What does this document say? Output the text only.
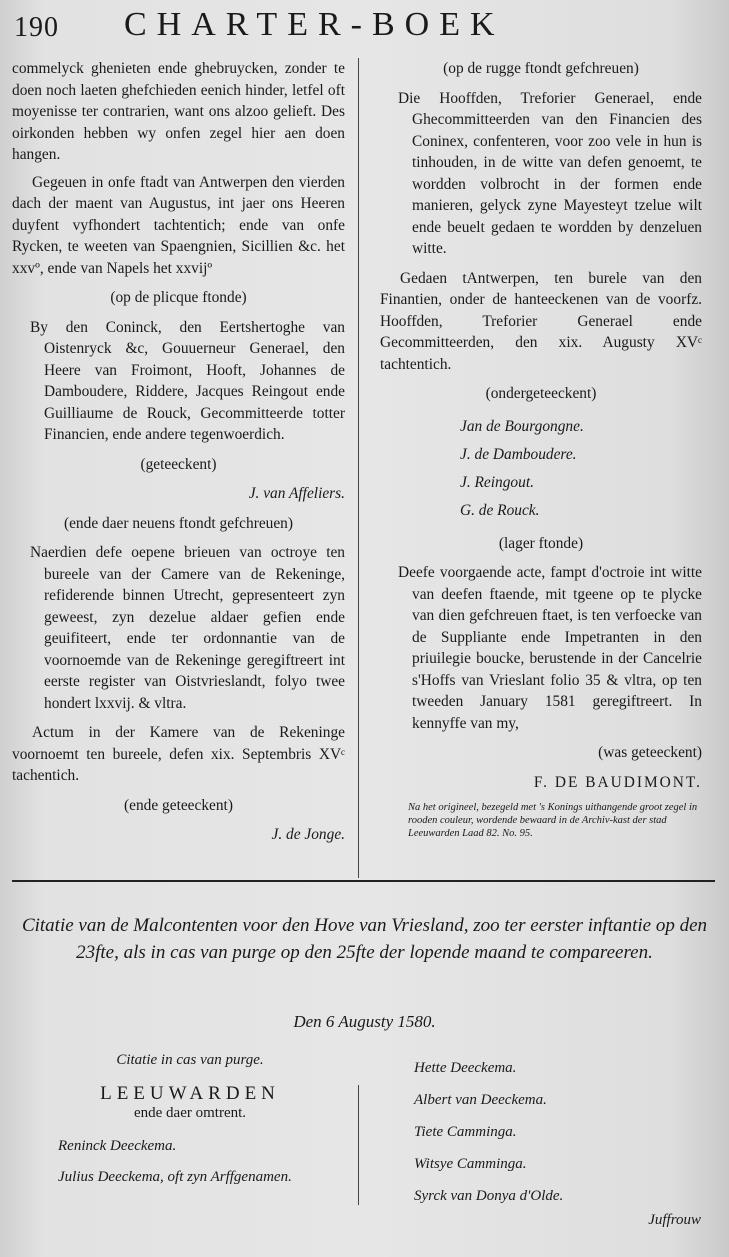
190 CHARTER-BOEK

commelyck ghenieten ende ghebruycken, zonder te doen noch laeten ghefchieden eenich hinder, letfel oft moyenisse ter contrarien, want ons alzoo gelieft. Des oirkonden hebben wy onfen zegel hier aen doen hangen.

Gegeuen in onfe ftadt van Antwerpen den vierden dach der maent van Augustus, int jaer ons Heeren duyfent vyfhondert tachtentich; ende van onfe Rycken, te weeten van Spaengnien, Sicillien &c. het xxvº, ende van Napels het xxvijº

(op de plicque ftonde)

By den Coninck, den Eertshertoghe van Oistenryck &c, Gouuerneur Generael, den Heere van Froimont, Hooft, Johannes de Damboudere, Riddere, Jacques Reingout ende Guilliaume de Rouck, Gecommitteerde totter Financien, ende andere tegenwoerdich.

(geteeckent)
J. van Affeliers.
(ende daer neuens ftondt gefchreuen)

Naerdien defe oepene brieuen van octroye ten bureele van der Camere van de Rekeninge, refiderende binnen Utrecht, gepresenteert zyn geweest, zyn dezelue aldaer gefien ende geuifiteert, ende ter ordonnantie van de voornoemde van de Rekeninge geregiftreert int eerste register van Oistvrieslandt, folyo twee hondert lxxvij. & vltra.

Actum in der Kamere van de Rekeninge voornoemt ten bureele, defen xix. Septembris XVᶜ tachentich.

(ende geteeckent)
J. de Jonge.
(op de rugge ftondt gefchreuen)

Die Hooffden, Treforier Generael, ende Ghecommitteerden van den Financien des Coninex, confenteren, voor zoo vele in hun is tinhouden, in de witte van defen genoemt, te wordden volbrocht in der formen ende manieren, gelyck zyne Mayesteyt tzelue wilt ende beuelt gedaen te wordden by denzeluen witte.

Gedaen tAntwerpen, ten burele van den Finantien, onder de hanteeckenen van de voorfz. Hooffden, Treforier Generael ende Gecommitteerden, den xix. Augusty XVᶜ tachtentich.

(ondergeteeckent)
Jan de Bourgongne.
J. de Damboudere.
J. Reingout.
G. de Rouck.
(lager ftonde)

Deefe voorgaende acte, fampt d'octroie int witte van deefen ftaende, mit tgeene op te plycke van dien gefchreuen ftaet, is ten verfoecke van de Suppliante ende Impetranten in den priuilegie boucke, berustende in der Cancelrie s'Hoffs van Vrieslant folio 35 & vltra, op ten tweeden January 1581 geregiftreert. In kennyffe van my,

(was geteeckent)
F. DE BAUDIMONT.
Na het origineel, bezegeld met 's Konings uithangende groot zegel in rooden couleur, wordende bewaard in de Archiv-kast der stad Leeuwarden Laad 82. No. 95.
Citatie van de Malcontenten voor den Hove van Vriesland, zoo ter eerster inftantie op den 23fte, als in cas van purge op den 25fte der lopende maand te compareeren.
Den 6 Augusty 1580.
Citatie in cas van purge.
LEEUWARDEN
ende daer omtrent.
Reninck Deeckema.
Julius Deeckema, oft zyn Arffgenamen.
Hette Deeckema.
Albert van Deeckema.
Tiete Camminga.
Witsye Camminga.
Syrck van Donya d'Olde.
Juffrouw
